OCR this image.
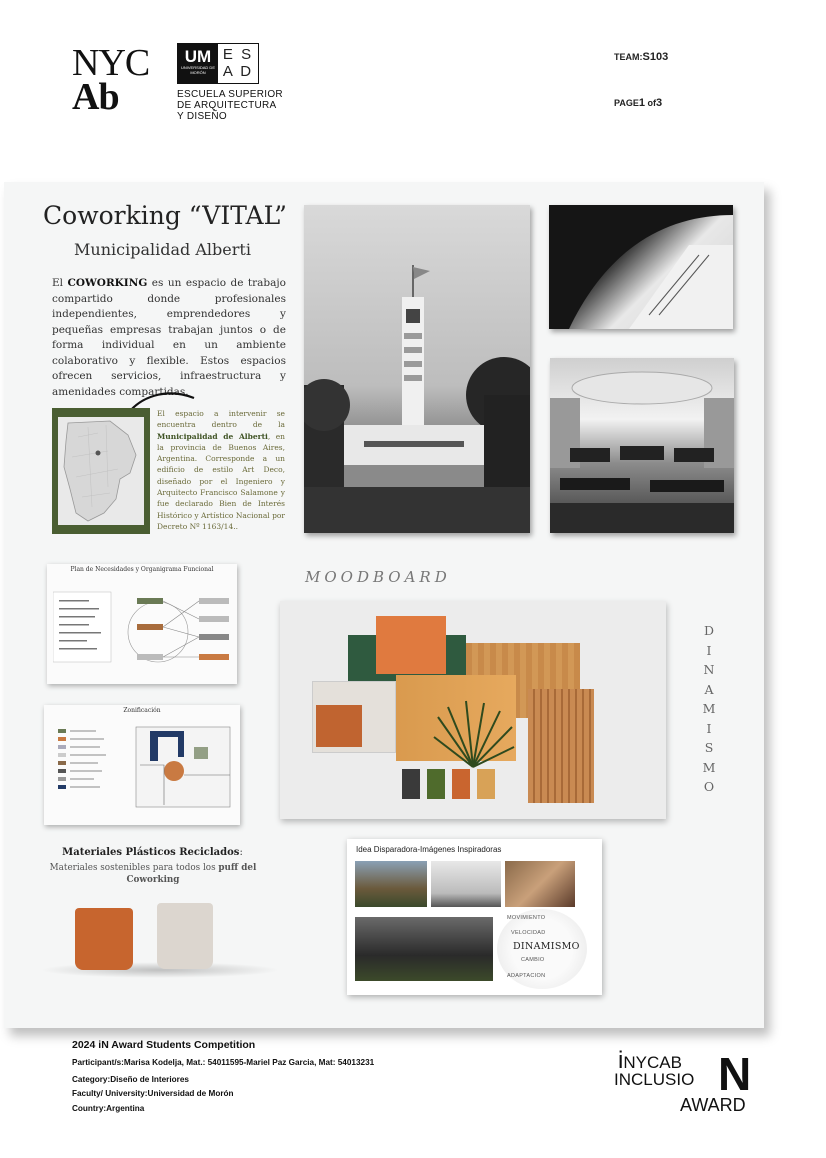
NYC
Ab
UM
UNIVERSIDAD DE MORÓN
E S
A D
ESCUELA SUPERIOR
DE ARQUITECTURA
Y DISEÑO
TEAM:S103
PAGE1 of3
Coworking “VITAL”
Municipalidad Alberti
El COWORKING es un espacio de trabajo compartido donde profesionales independientes, emprendedores y pequeñas empresas trabajan juntos o de forma individual en un ambiente colaborativo y flexible. Estos espacios ofrecen servicios, infraestructura y amenidades compartidas.
El espacio a intervenir se encuentra dentro de la Municipalidad de Alberti, en la provincia de Buenos Aires, Argentina. Corresponde a un edificio de estilo Art Deco, diseñado por el Ingeniero y Arquitecto Francisco Salamone y fue declarado Bien de Interés Histórico y Artístico Nacional por Decreto Nº 1163/14..
Plan de Necesidades y Organigrama Funcional
Zonificación
MOODBOARD
D
I
N
A
M
I
S
M
O
Materiales Plásticos Reciclados:
Materiales sostenibles para todos los puff del Coworking
Idea Disparadora-Imágenes Inspiradoras
MOVIMIENTO
VELOCIDAD
DINAMISMO
CAMBIO
ADAPTACION
2024 iN Award Students Competition
Participant/s:Marisa Kodelja, Mat.: 54011595-Mariel Paz Garcia, Mat: 54013231
Category:Diseño de Interiores
Faculty/ University:Universidad de Morón
Country:Argentina
iNYCAB
INCLUSIO N
AWARD
